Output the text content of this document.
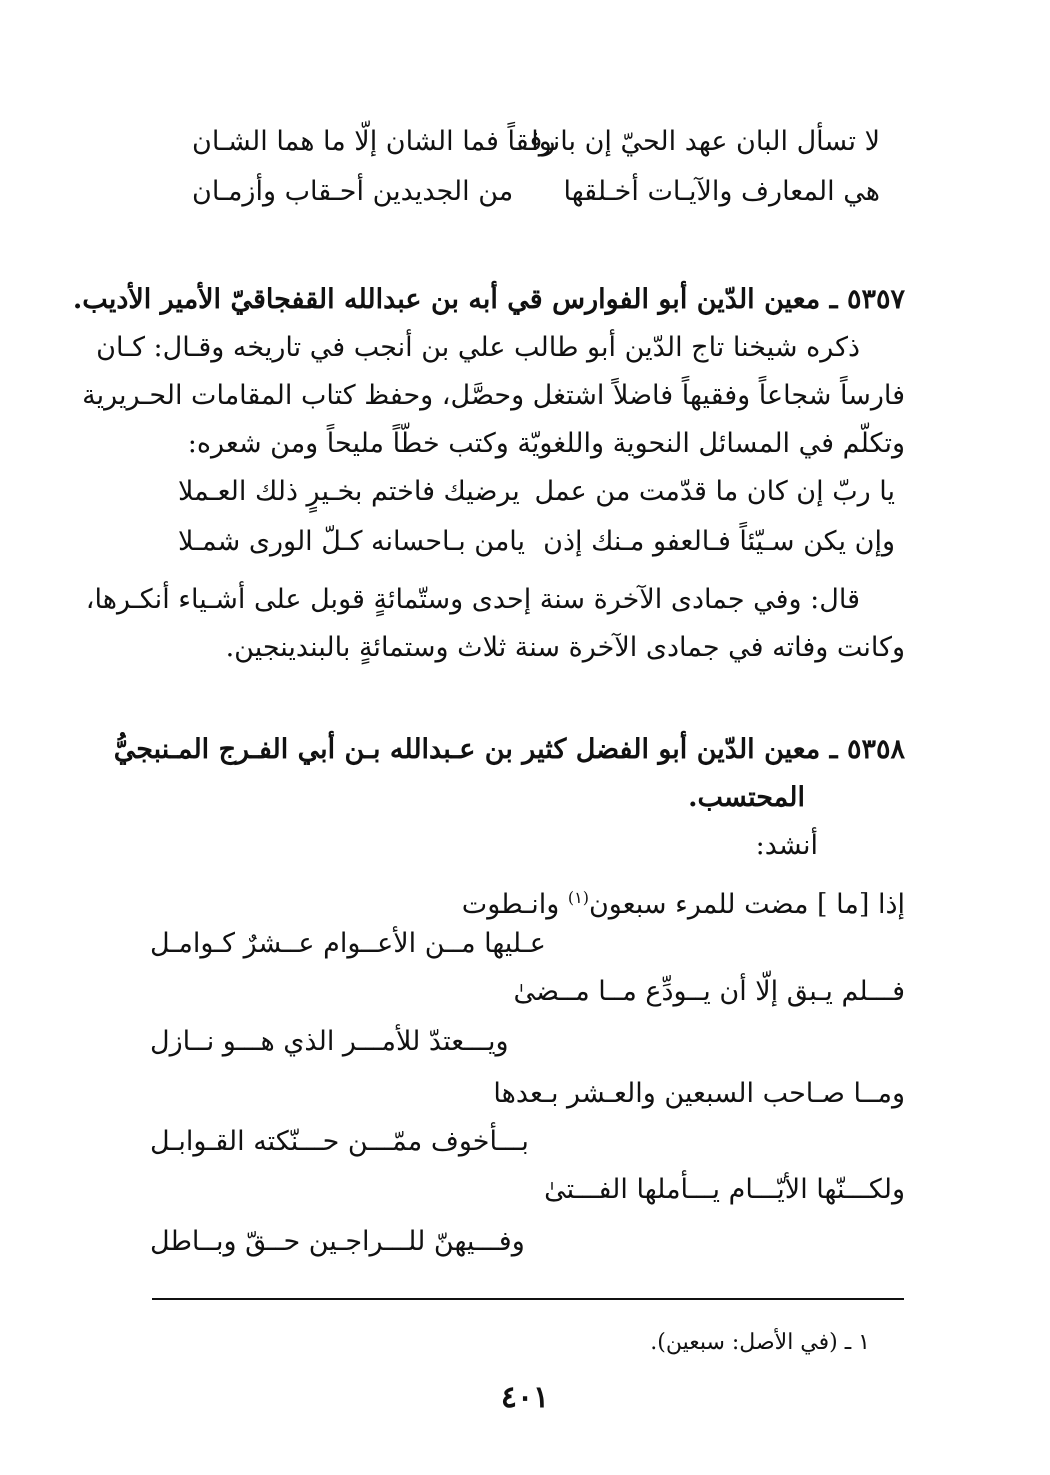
لا تسأل البان عهد الحيّ إن بانوا
رفقاً فما الشان إلّا ما هما الشـان
هي المعارف والآيـات أخـلقها
من الجديدين أحـقاب وأزمـان
٥٣٥٧ ـ معين الدّين أبو الفوارس قي أبه بن عبدالله القفجاقيّ الأمير الأديب.
ذكره شيخنا تاج الدّين أبو طالب علي بن أنجب في تاريخه وقـال: كـان
فارساً شجاعاً وفقيهاً فاضلاً اشتغل وحصَّل، وحفظ كتاب المقامات الحـريرية
وتكلّم في المسائل النحوية واللغويّة وكتب خطّاً مليحاً ومن شعره:
يا ربّ إن كان ما قدّمت من عمل
يرضيك فاختم بخـيرٍ ذلك العـملا
وإن يكن سـيّئاً فـالعفو مـنك إذن
يامن بـاحسانه كـلّ الورى شمـلا
قال: وفي جمادى الآخرة سنة إحدى وستّمائةٍ قوبل على أشـياء أنكـرها،
وكانت وفاته في جمادى الآخرة سنة ثلاث وستمائةٍ بالبندينجين.
٥٣٥٨ ـ معين الدّين أبو الفضل كثير بن عـبدالله بـن أبي الفـرج المـنبجيُّ
المحتسب.
أنشد:
إذا [ما ] مضت للمرء سبعون$^{(١)}$ وانـطوت
عـليها مــن الأعــوام عــشرٌ كـوامـل
فـــلم يـبق إلّا أن يــودِّع مــا مــضىٰ
ويـــعتدّ للأمـــر الذي هـــو نــازل
ومــا صـاحب السبعين والعـشر بـعدها
بـــأخوف ممّـــن حـــنّكته القـوابـل
ولكـــنّها الأيّـــام يـــأملها الفـــتىٰ
وفـــيهنّ للـــراجـين حــقّ وبــاطل
١ ـ (في الأصل: سبعين).
٤٠١
